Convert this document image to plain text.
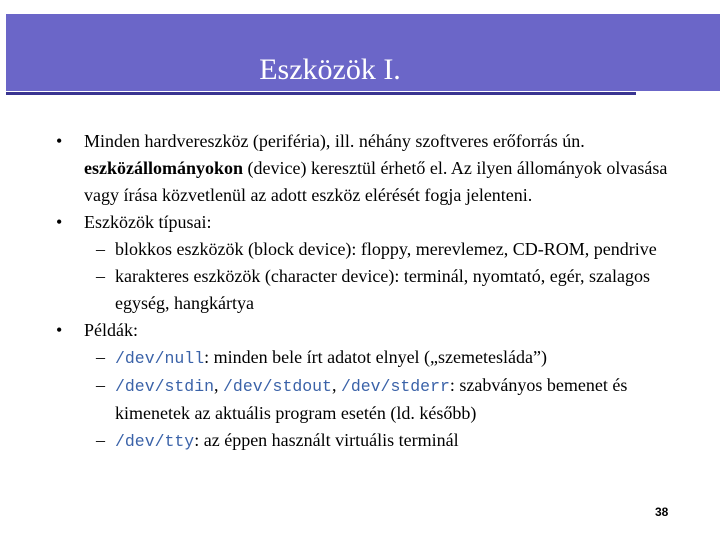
Eszközök I.
• Minden hardvereszköz (periféria), ill. néhány szoftveres erőforrás ún. eszközállományokon (device) keresztül érhető el. Az ilyen állományok olvasása vagy írása közvetlenül az adott eszköz elérését fogja jelenteni.
• Eszközök típusai:
– blokkos eszközök (block device): floppy, merevlemez, CD-ROM, pendrive
– karakteres eszközök (character device): terminál, nyomtató, egér, szalagos egység, hangkártya
• Példák:
– /dev/null: minden bele írt adatot elnyel („szemetesláda”)
– /dev/stdin, /dev/stdout, /dev/stderr: szabványos bemenet és kimenetek az aktuális program esetén (ld. később)
– /dev/tty: az éppen használt virtuális terminál
38
